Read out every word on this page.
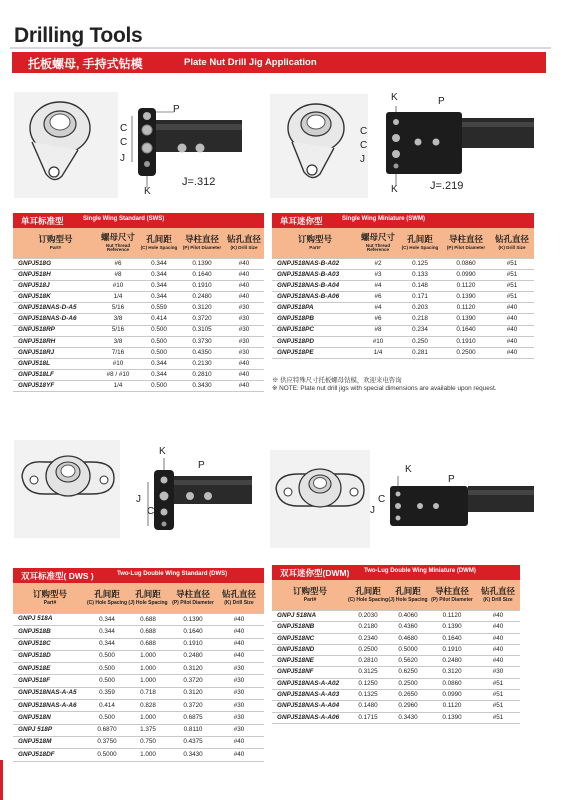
Drilling Tools
托板螺母, 手持式钻模	Plate Nut Drill Jig Application
P
C
C
J
K
J=.312
K	P
C
C
J
K	J=.219
单耳标准型	Single Wing Standard (SWS)
订购型号
Part#
螺母尺寸
Nut Thread Reference
孔间距
(C) Hole Spacing
导柱直径
(P) Pilot Diameter
钻孔直径
(K) Drill Size
GNPJ518G	#6	0.344	0.1390	#40
GNPJ518H	#8	0.344	0.1640	#40
GNPJ518J	#10	0.344	0.1910	#40
GNPJ518K	1/4	0.344	0.2480	#40
GNPJ518NAS-D-A5	5/16	0.559	0.3120	#30
GNPJ518NAS-D-A6	3/8	0.414	0.3720	#30
GNPJ518RP	5/16	0.500	0.3105	#30
GNPJ518RH	3/8	0.500	0.3730	#30
GNPJ518RJ	7/16	0.500	0.4350	#30
GNPJ518L	#10	0.344	0.2130	#40
GNPJ518LF	#8 / #10	0.344	0.2810	#40
GNPJ518YF	1/4	0.500	0.3430	#40
单耳迷你型	Single Wing Miniature (SWM)
订购型号
Part#
螺母尺寸
Nut Thread Reference
孔间距
(C) Hole Spacing
导柱直径
(P) Pilot Diameter
钻孔直径
(K) Drill Size
GNPJ518NAS-B-A02	#2	0.125	0.0860	#51
GNPJ518NAS-B-A03	#3	0.133	0.0990	#51
GNPJ518NAS-B-A04	#4	0.148	0.1120	#51
GNPJ518NAS-B-A06	#6	0.171	0.1390	#51
GNPJ518PA	#4	0.203	0.1120	#40
GNPJ518PB	#6	0.218	0.1390	#40
GNPJ518PC	#8	0.234	0.1640	#40
GNPJ518PD	#10	0.250	0.1910	#40
GNPJ518PE	1/4	0.281	0.2500	#40
※ 供应特殊尺寸托板螺母钻模，欢迎来电咨询
※ NOTE: Plate nut drill jigs with special dimensions are available upon request.
K
P
J
C
K
P
C
J
双耳标准型( DWS )	Two-Lug Double Wing Standard (DWS)
订购型号
Part#
孔间距
(C) Hole Spacing
孔间距
(J) Hole Spacing
导柱直径
(P) Pilot Diameter
钻孔直径
(K) Drill Size
GNPJ 518A	0.344	0.688	0.1390	#40
GNPJ518B	0.344	0.688	0.1640	#40
GNPJ518C	0.344	0.688	0.1910	#40
GNPJ518D	0.500	1.000	0.2480	#40
GNPJ518E	0.500	1.000	0.3120	#30
GNPJ518F	0.500	1.000	0.3720	#30
GNPJ518NAS-A-A5	0.359	0.718	0.3120	#30
GNPJ518NAS-A-A6	0.414	0.828	0.3720	#30
GNPJ518N	0.500	1.000	0.6875	#30
GNPJ 518P	0.6870	1.375	0.8110	#30
GNPJ518M	0.3750	0.750	0.4375	#40
GNPJ518DF	0.5000	1.000	0.3430	#40
双耳迷你型(DWM) Two-Lug Double Wing Miniature (DWM)
订购型号
Part#
孔间距
(C) Hole Spacing
孔间距
(J) Hole Spacing
导柱直径
(P) Pilot Diameter
钻孔直径
(K) Drill Size
GNPJ 518NA	0.2030	0.4060	0.1120	#40
GNPJ518NB	0.2180	0.4360	0.1390	#40
GNPJ518NC	0.2340	0.4680	0.1640	#40
GNPJ518ND	0.2500	0.5000	0.1910	#40
GNPJ518NE	0.2810	0.5620	0.2480	#40
GNPJ518NF	0.3125	0.6250	0.3120	#30
GNPJ518NAS-A-A02	0.1250	0.2500	0.0860	#51
GNPJ518NAS-A-A03	0.1325	0.2650	0.0990	#51
GNPJ518NAS-A-A04	0.1480	0.2960	0.1120	#51
GNPJ518NAS-A-A06	0.1715	0.3430	0.1390	#51
